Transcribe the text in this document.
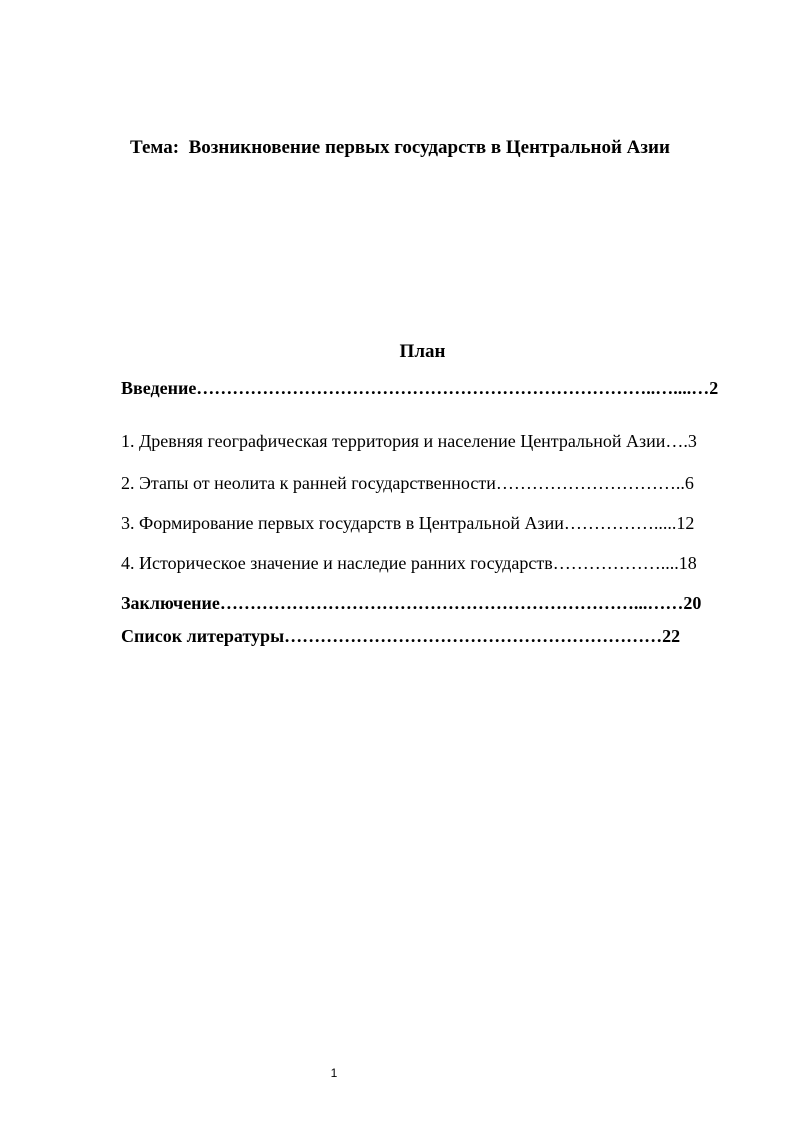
Тема:  Возникновение первых государств в Центральной Азии
План
Введение…………………………………………………………………..…....…2
1. Древняя географическая территория и население Центральной Азии….3
2. Этапы от неолита к ранней государственности…………………………..6
3. Формирование первых государств в Центральной Азии…………….....12
4. Историческое значение и наследие ранних государств………………....18
Заключение……………………………………………………………...……20
Список литературы………………………………………………………22
1
